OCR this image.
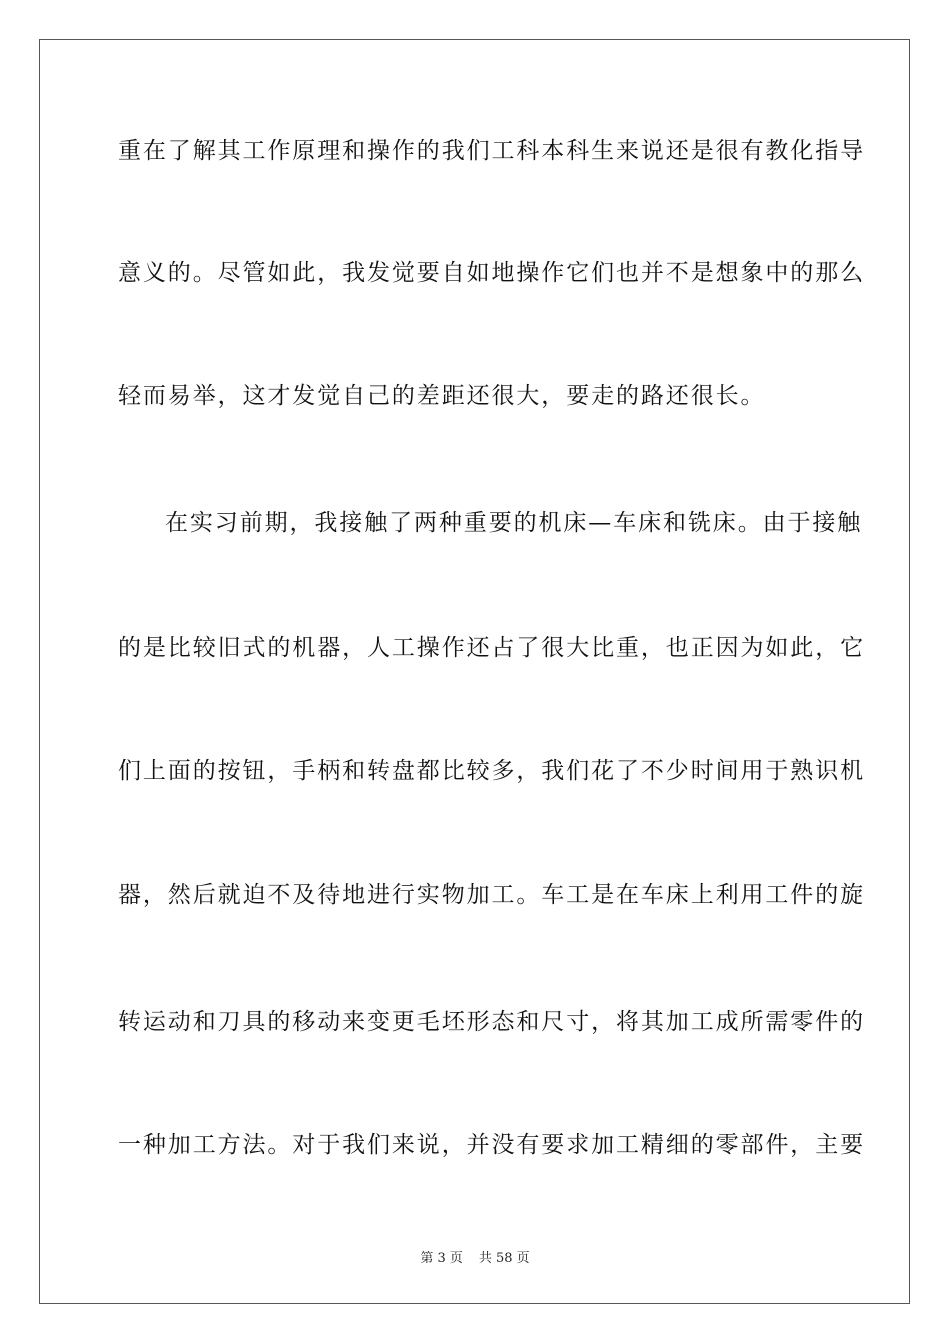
重在了解其工作原理和操作的我们工科本科生来说还是很有教化指导
意义的。尽管如此，我发觉要自如地操作它们也并不是想象中的那么
轻而易举，这才发觉自己的差距还很大，要走的路还很长。
在实习前期，我接触了两种重要的机床—车床和铣床。由于接触
的是比较旧式的机器，人工操作还占了很大比重，也正因为如此，它
们上面的按钮，手柄和转盘都比较多，我们花了不少时间用于熟识机
器，然后就迫不及待地进行实物加工。车工是在车床上利用工件的旋
转运动和刀具的移动来变更毛坯形态和尺寸，将其加工成所需零件的
一种加工方法。对于我们来说，并没有要求加工精细的零部件，主要
第 3 页 共 58 页
